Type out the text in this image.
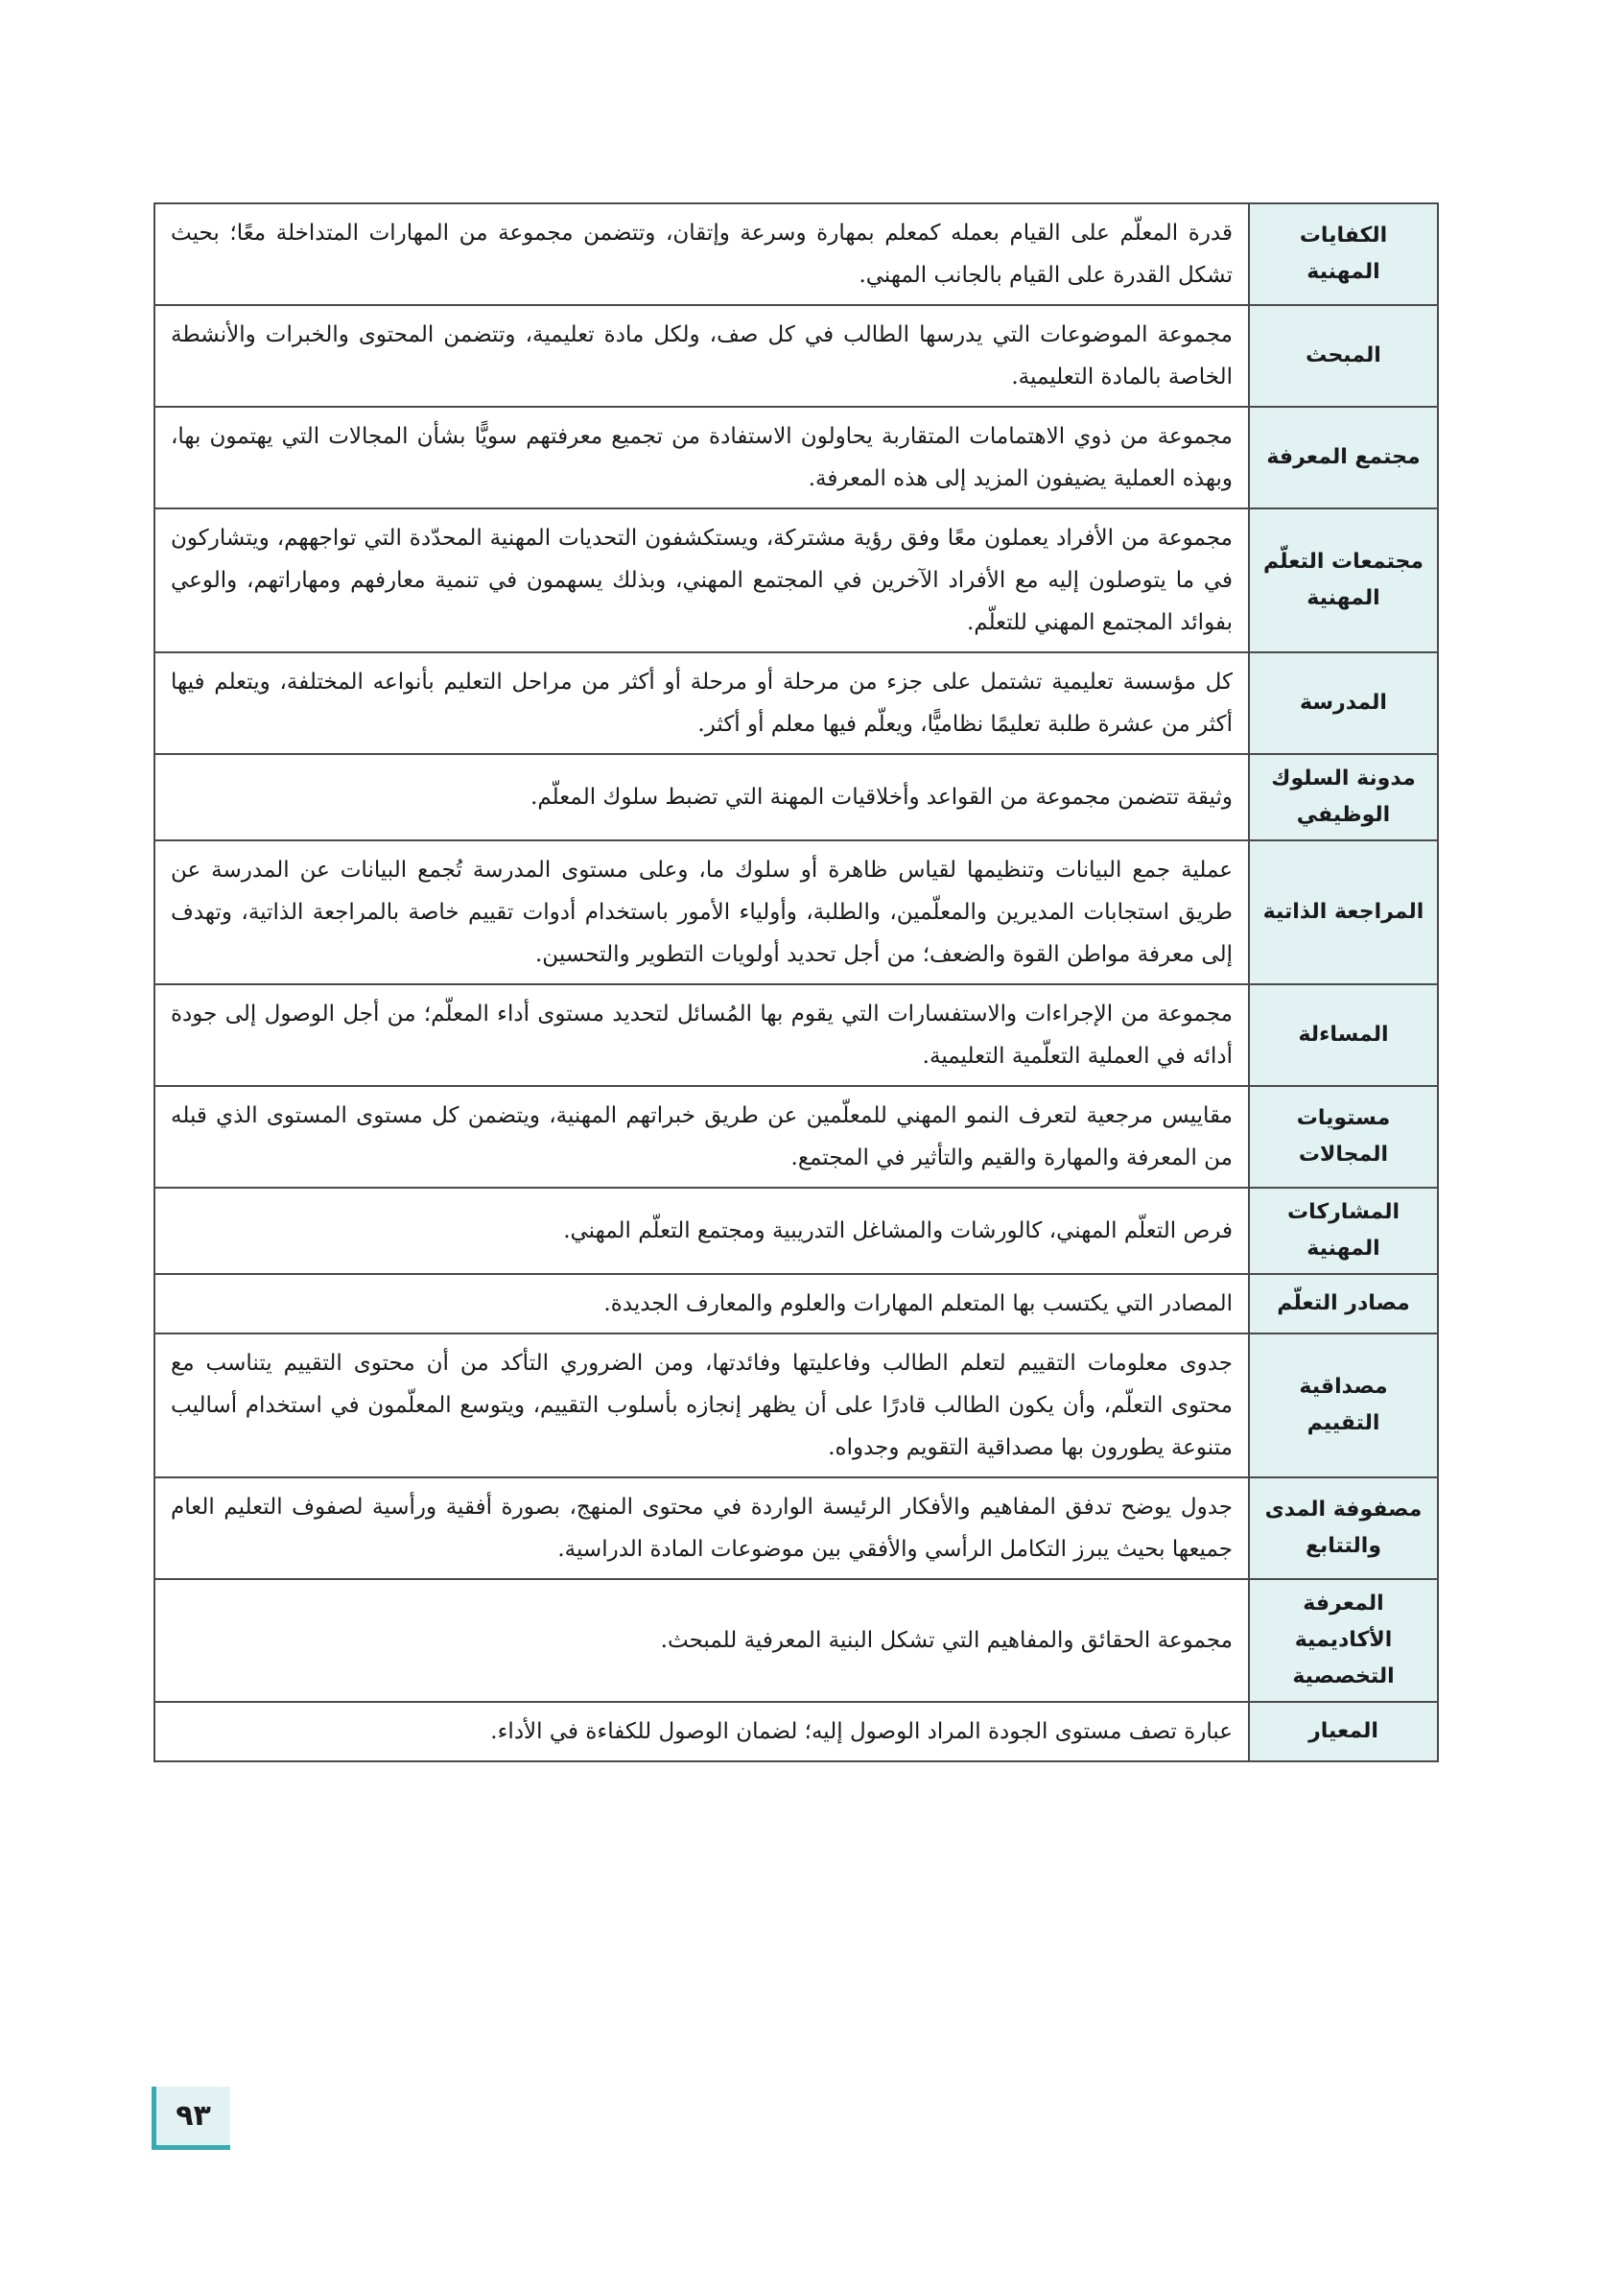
الكفايات المهنية	قدرة المعلّم على القيام بعمله كمعلم بمهارة وسرعة وإتقان، وتتضمن مجموعة من المهارات المتداخلة معًا؛ بحيث تشكل القدرة على القيام بالجانب المهني.
المبحث	مجموعة الموضوعات التي يدرسها الطالب في كل صف، ولكل مادة تعليمية، وتتضمن المحتوى والخبرات والأنشطة الخاصة بالمادة التعليمية.
مجتمع المعرفة	مجموعة من ذوي الاهتمامات المتقاربة يحاولون الاستفادة من تجميع معرفتهم سويًّا بشأن المجالات التي يهتمون بها، وبهذه العملية يضيفون المزيد إلى هذه المعرفة.
مجتمعات التعلّم المهنية	مجموعة من الأفراد يعملون معًا وفق رؤية مشتركة، ويستكشفون التحديات المهنية المحدّدة التي تواجههم، ويتشاركون في ما يتوصلون إليه مع الأفراد الآخرين في المجتمع المهني، وبذلك يسهمون في تنمية معارفهم ومهاراتهم، والوعي بفوائد المجتمع المهني للتعلّم.
المدرسة	كل مؤسسة تعليمية تشتمل على جزء من مرحلة أو مرحلة أو أكثر من مراحل التعليم بأنواعه المختلفة، ويتعلم فيها أكثر من عشرة طلبة تعليمًا نظاميًّا، ويعلّم فيها معلم أو أكثر.
مدونة السلوك الوظيفي	وثيقة تتضمن مجموعة من القواعد وأخلاقيات المهنة التي تضبط سلوك المعلّم.
المراجعة الذاتية	عملية جمع البيانات وتنظيمها لقياس ظاهرة أو سلوك ما، وعلى مستوى المدرسة تُجمع البيانات عن المدرسة عن طريق استجابات المديرين والمعلّمين، والطلبة، وأولياء الأمور باستخدام أدوات تقييم خاصة بالمراجعة الذاتية، وتهدف إلى معرفة مواطن القوة والضعف؛ من أجل تحديد أولويات التطوير والتحسين.
المساءلة	مجموعة من الإجراءات والاستفسارات التي يقوم بها المُسائل لتحديد مستوى أداء المعلّم؛ من أجل الوصول إلى جودة أدائه في العملية التعلّمية التعليمية.
مستويات المجالات	مقاييس مرجعية لتعرف النمو المهني للمعلّمين عن طريق خبراتهم المهنية، ويتضمن كل مستوى المستوى الذي قبله من المعرفة والمهارة والقيم والتأثير في المجتمع.
المشاركات المهنية	فرص التعلّم المهني، كالورشات والمشاغل التدريبية ومجتمع التعلّم المهني.
مصادر التعلّم	المصادر التي يكتسب بها المتعلم المهارات والعلوم والمعارف الجديدة.
مصداقية التقييم	جدوى معلومات التقييم لتعلم الطالب وفاعليتها وفائدتها، ومن الضروري التأكد من أن محتوى التقييم يتناسب مع محتوى التعلّم، وأن يكون الطالب قادرًا على أن يظهر إنجازه بأسلوب التقييم، ويتوسع المعلّمون في استخدام أساليب متنوعة يطورون بها مصداقية التقويم وجدواه.
مصفوفة المدى والتتابع	جدول يوضح تدفق المفاهيم والأفكار الرئيسة الواردة في محتوى المنهج، بصورة أفقية ورأسية لصفوف التعليم العام جميعها بحيث يبرز التكامل الرأسي والأفقي بين موضوعات المادة الدراسية.
المعرفة الأكاديمية التخصصية	مجموعة الحقائق والمفاهيم التي تشكل البنية المعرفية للمبحث.
المعيار	عبارة تصف مستوى الجودة المراد الوصول إليه؛ لضمان الوصول للكفاءة في الأداء.
٩٣
